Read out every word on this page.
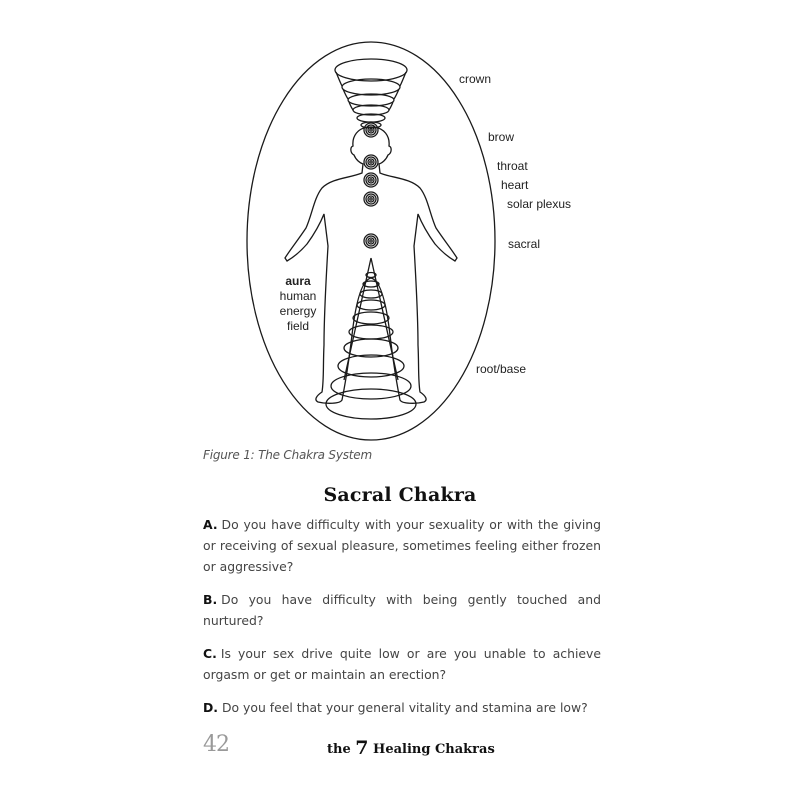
crown
brow
throat
heart
solar plexus
sacral
root/base
aura
human
energy
field
Figure 1: The Chakra System
Sacral Chakra

A. Do you have difficulty with your sexuality or with the giving or receiving of sexual pleasure, sometimes feeling either frozen or aggressive?

B. Do you have difficulty with being gently touched and nurtured?

C. Is your sex drive quite low or are you unable to achieve orgasm or get or maintain an erection?

D. Do you feel that your general vitality and stamina are low?

42	the 7 Healing Chakras
